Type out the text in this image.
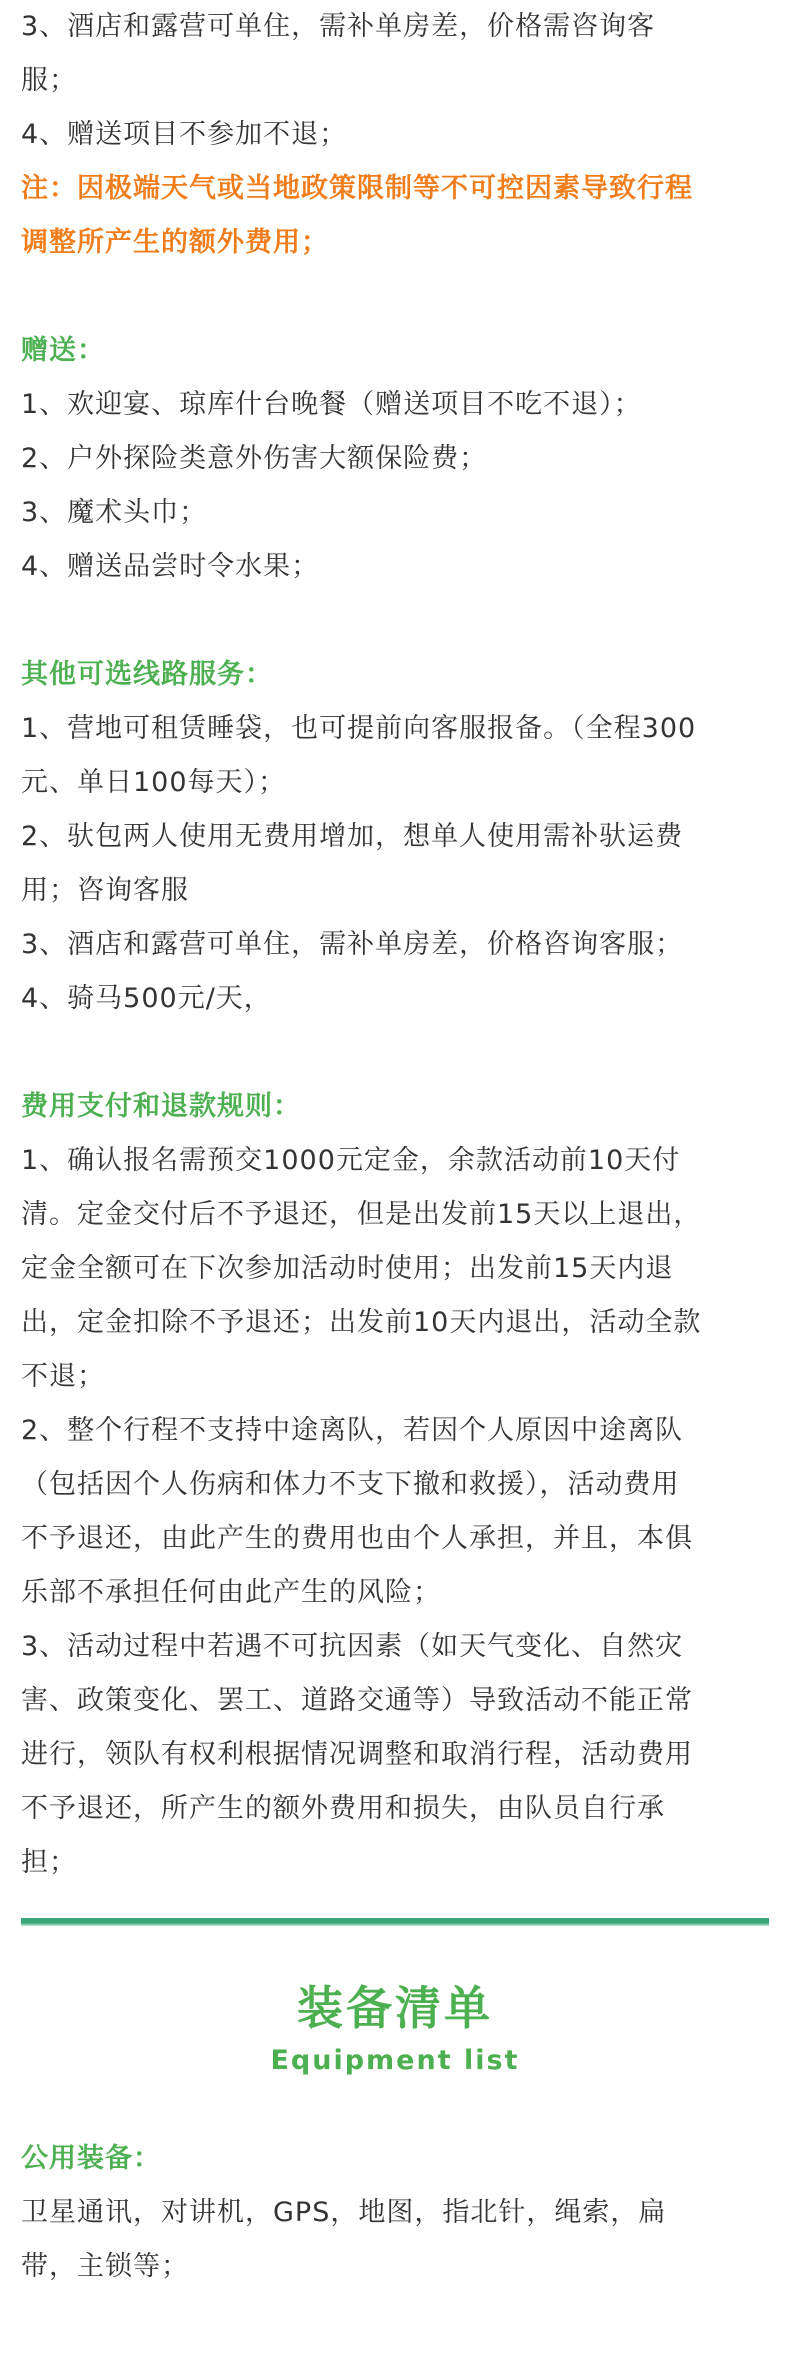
3、酒店和露营可单住，需补单房差，价格需咨询客

服；

4、赠送项目不参加不退；

注：因极端天气或当地政策限制等不可控因素导致行程

调整所产生的额外费用；

赠送：

1、欢迎宴、琼库什台晚餐（赠送项目不吃不退）；

2、户外探险类意外伤害大额保险费；

3、魔术头巾；

4、赠送品尝时令水果；

其他可选线路服务：

1、营地可租赁睡袋，也可提前向客服报备。（全程300

元、单日100每天）；

2、驮包两人使用无费用增加，想单人使用需补驮运费

用；咨询客服

3、酒店和露营可单住，需补单房差，价格咨询客服；

4、骑马500元/天，

费用支付和退款规则：

1、确认报名需预交1000元定金，余款活动前10天付

清。定金交付后不予退还，但是出发前15天以上退出，

定金全额可在下次参加活动时使用；出发前15天内退

出，定金扣除不予退还；出发前10天内退出，活动全款

不退；

2、整个行程不支持中途离队，若因个人原因中途离队

（包括因个人伤病和体力不支下撤和救援），活动费用

不予退还，由此产生的费用也由个人承担，并且，本俱

乐部不承担任何由此产生的风险；

3、活动过程中若遇不可抗因素（如天气变化、自然灾

害、政策变化、罢工、道路交通等）导致活动不能正常

进行，领队有权利根据情况调整和取消行程，活动费用

不予退还，所产生的额外费用和损失，由队员自行承

担；

装备清单
Equipment list

公用装备：

卫星通讯，对讲机，GPS，地图，指北针，绳索，扁

带，主锁等；
